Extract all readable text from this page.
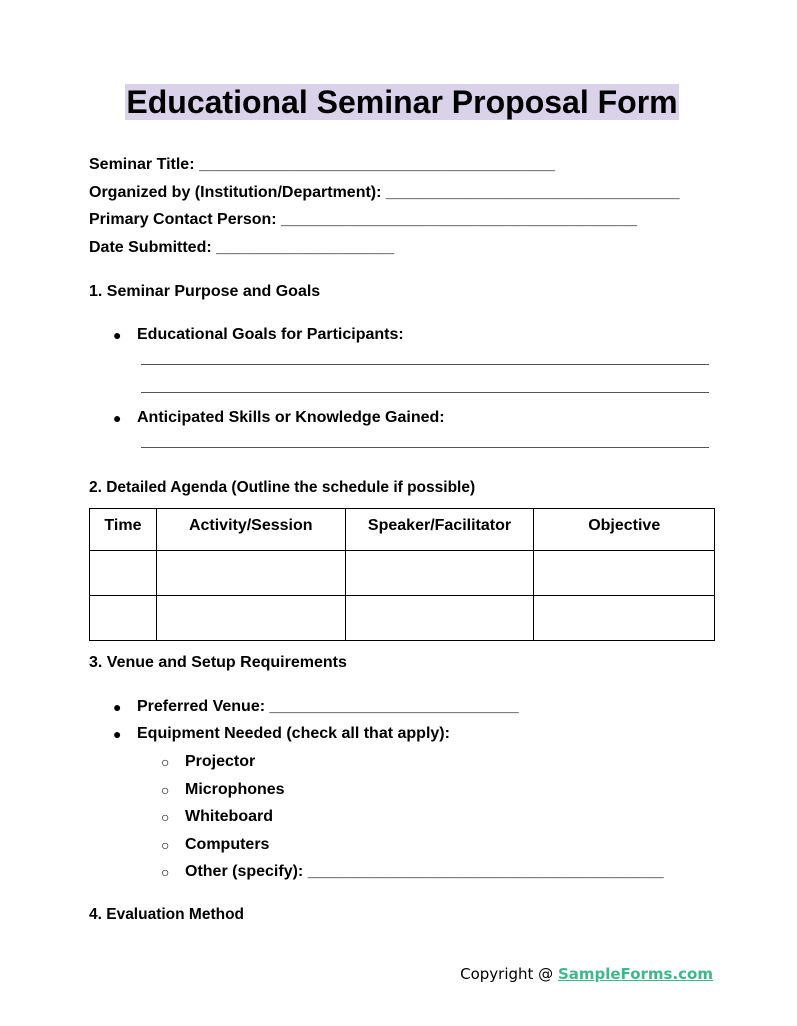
Educational Seminar Proposal Form
Seminar Title: ________________________________________
Organized by (Institution/Department): _________________________________
Primary Contact Person: ________________________________________
Date Submitted: ____________________
1. Seminar Purpose and Goals

●

Educational Goals for Participants:

●

Anticipated Skills or Knowledge Gained:

2. Detailed Agenda (Outline the schedule if possible)
Time	Activity/Session	Speaker/Facilitator	Objective

3. Venue and Setup Requirements

●

Preferred Venue: ____________________________

●

Equipment Needed (check all that apply):

○

Projector

○

Microphones

○

Whiteboard

○

Computers

○

Other (specify): ________________________________________

4. Evaluation Method
Copyright @ SampleForms.com
